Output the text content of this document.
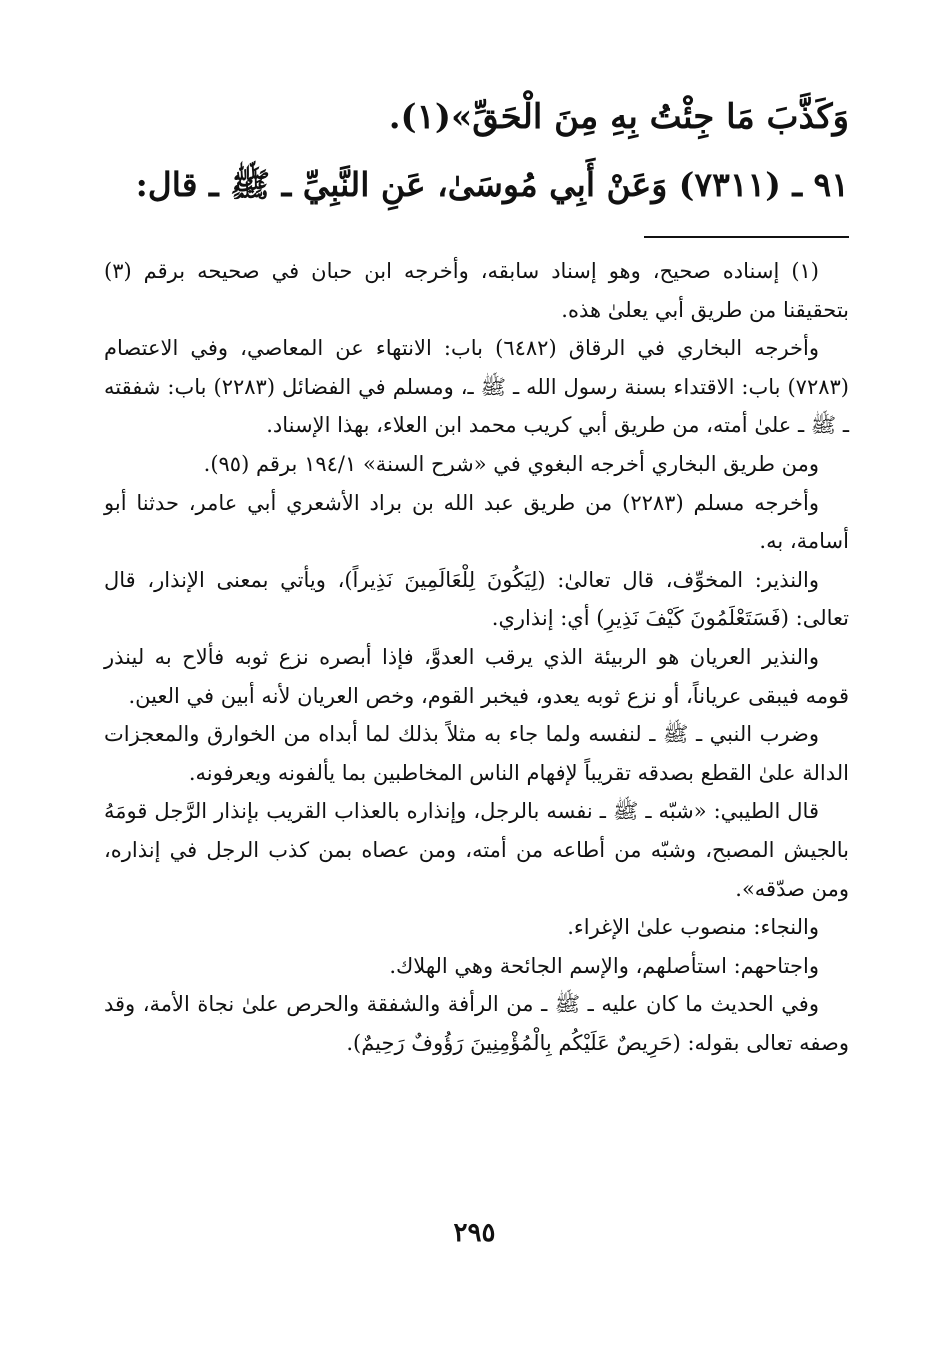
وَكَذَّبَ مَا جِئْتُ بِهِ مِنَ الْحَقِّ»(١).
٩١ ـ (٧٣١١) وَعَنْ أَبِي مُوسَىٰ، عَنِ النَّبِيِّ ـ ﷺ ـ قال:

(١) إسناده صحيح، وهو إسناد سابقه، وأخرجه ابن حبان في صحيحه برقم (٣) بتحقيقنا من طريق أبي يعلىٰ هذه.

وأخرجه البخاري في الرقاق (٦٤٨٢) باب: الانتهاء عن المعاصي، وفي الاعتصام (٧٢٨٣) باب: الاقتداء بسنة رسول الله ـ ﷺ ـ، ومسلم في الفضائل (٢٢٨٣) باب: شفقته ـ ﷺ ـ علىٰ أمته، من طريق أبي كريب محمد ابن العلاء، بهذا الإسناد.

ومن طريق البخاري أخرجه البغوي في «شرح السنة» ١٩٤/١ برقم (٩٥).

وأخرجه مسلم (٢٢٨٣) من طريق عبد الله بن براد الأشعري أبي عامر، حدثنا أبو أسامة، به.

والنذير: المخوِّف، قال تعالىٰ: (لِيَكُونَ لِلْعَالَمِينَ نَذِيراً)، ويأتي بمعنى الإنذار، قال تعالى: (فَسَتَعْلَمُونَ كَيْفَ نَذِيرِ) أي: إنذاري.

والنذير العريان هو الربيئة الذي يرقب العدوَّ، فإذا أبصره نزع ثوبه فألاح به لينذر قومه فيبقى عرياناً، أو نزع ثوبه يعدو، فيخبر القوم، وخص العريان لأنه أبين في العين.

وضرب النبي ـ ﷺ ـ لنفسه ولما جاء به مثلاً بذلك لما أبداه من الخوارق والمعجزات الدالة علىٰ القطع بصدقه تقريباً لإفهام الناس المخاطبين بما يألفونه ويعرفونه.

قال الطيبي: «شبّه ـ ﷺ ـ نفسه بالرجل، وإنذاره بالعذاب القريب بإنذار الرَّجل قومَهُ بالجيش المصبح، وشبّه من أطاعه من أمته، ومن عصاه بمن كذب الرجل في إنذاره، ومن صدّقه».

والنجاء: منصوب علىٰ الإغراء.

واجتاحهم: استأصلهم، والإسم الجائحة وهي الهلاك.

وفي الحديث ما كان عليه ـ ﷺ ـ من الرأفة والشفقة والحرص علىٰ نجاة الأمة، وقد وصفه تعالى بقوله: (حَرِيصٌ عَلَيْكُم بِالْمُؤْمِنِينَ رَؤُوفٌ رَحِيمٌ).

٢٩٥
